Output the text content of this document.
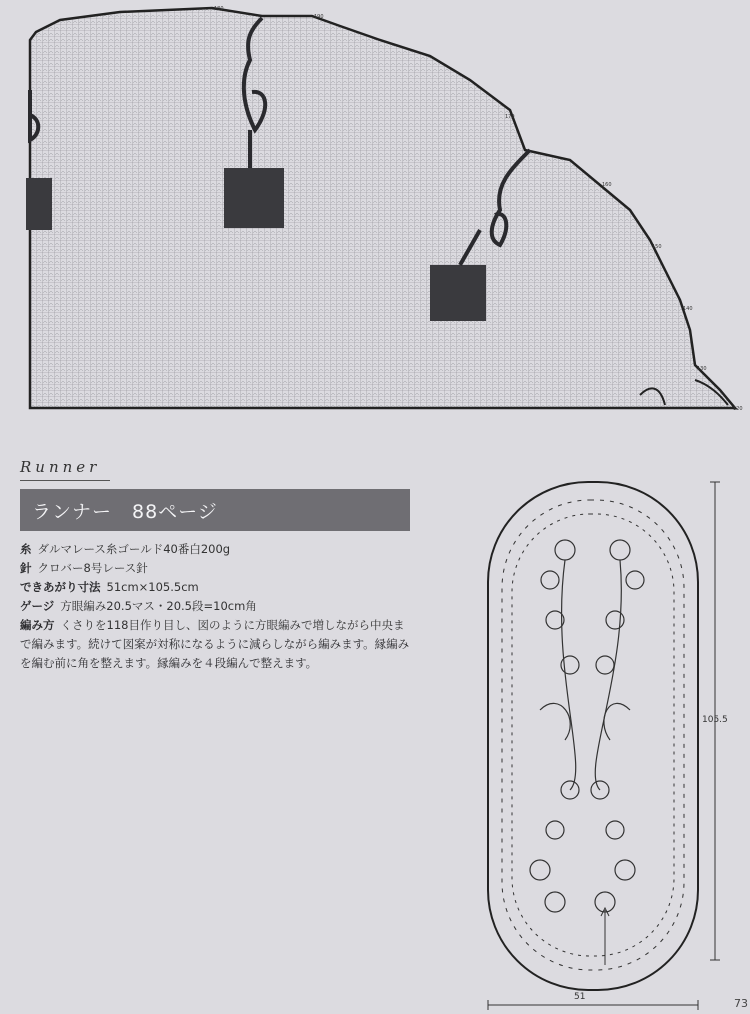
180
190
170
160
150
140
130
120
Runner
ランナー　88ページ
糸 ダルマレース糸ゴールド40番白200g
針 クロバー8号レース針
できあがり寸法 51cm×105.5cm
ゲージ 方眼編み20.5マス・20.5段=10cm角
編み方 くさりを118目作り目し、図のように方眼編みで増しながら中央ま
で編みます。続けて図案が対称になるように減らしながら編みます。縁編み
を編む前に角を整えます。縁編みを４段編んで整えます。
105.5
51	73
